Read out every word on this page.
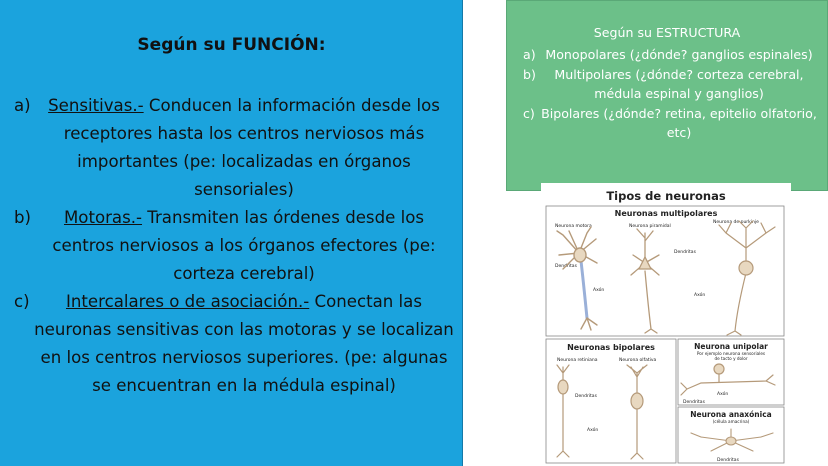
Según su FUNCIÓN:
a) Sensitivas.- Conducen la información desde los receptores hasta los centros nerviosos más importantes (pe: localizadas en órganos sensoriales)
b) Motoras.- Transmiten las órdenes desde los centros nerviosos a los órganos efectores (pe: corteza cerebral)
c) Intercalares o de asociación.- Conectan las neuronas sensitivas con las motoras y se localizan en los centros nerviosos superiores. (pe: algunas se encuentran en la médula espinal)
Según su ESTRUCTURA
a) Monopolares (¿dónde? ganglios espinales)
b) Multipolares (¿dónde? corteza cerebral, médula espinal y ganglios)
c) Bipolares (¿dónde? retina, epitelio olfatorio, etc)
Tipos de neuronas
Neuronas multipolares
Neurona motora	Neurona piramidal
Neurona de purkinje
Dendritas
Dendritas
Axón
Axón
Neuronas bipolares
Neurona retiniana	Neurona olfativa
Dendritas
Axón
Neurona unipolar
Por ejemplo neurona sensoriales
de tacto y dolor
Axón
Dendritas
Neurona anaxónica
(célula amacrina)
Dendritas
